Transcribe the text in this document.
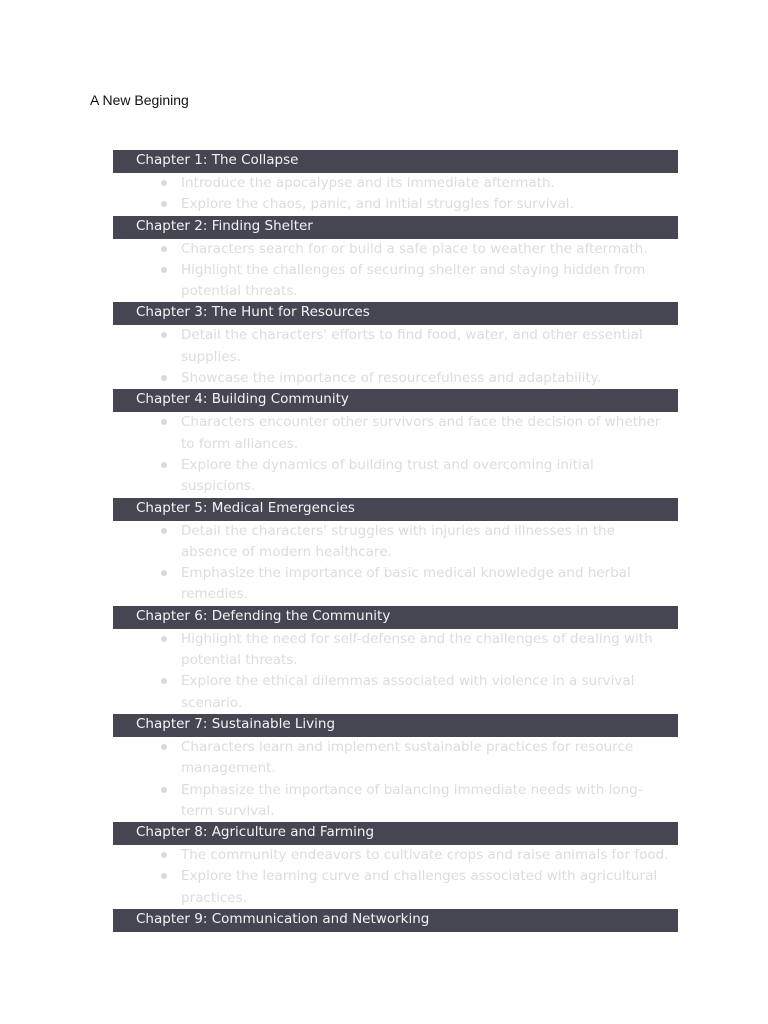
A New Begining
Chapter 1: The Collapse
Introduce the apocalypse and its immediate aftermath.
Explore the chaos, panic, and initial struggles for survival.
Chapter 2: Finding Shelter
Characters search for or build a safe place to weather the aftermath.
Highlight the challenges of securing shelter and staying hidden from potential threats.
Chapter 3: The Hunt for Resources
Detail the characters' efforts to find food, water, and other essential supplies.
Showcase the importance of resourcefulness and adaptability.
Chapter 4: Building Community
Characters encounter other survivors and face the decision of whether to form alliances.
Explore the dynamics of building trust and overcoming initial suspicions.
Chapter 5: Medical Emergencies
Detail the characters' struggles with injuries and illnesses in the absence of modern healthcare.
Emphasize the importance of basic medical knowledge and herbal remedies.
Chapter 6: Defending the Community
Highlight the need for self-defense and the challenges of dealing with potential threats.
Explore the ethical dilemmas associated with violence in a survival scenario.
Chapter 7: Sustainable Living
Characters learn and implement sustainable practices for resource management.
Emphasize the importance of balancing immediate needs with long-term survival.
Chapter 8: Agriculture and Farming
The community endeavors to cultivate crops and raise animals for food.
Explore the learning curve and challenges associated with agricultural practices.
Chapter 9: Communication and Networking
